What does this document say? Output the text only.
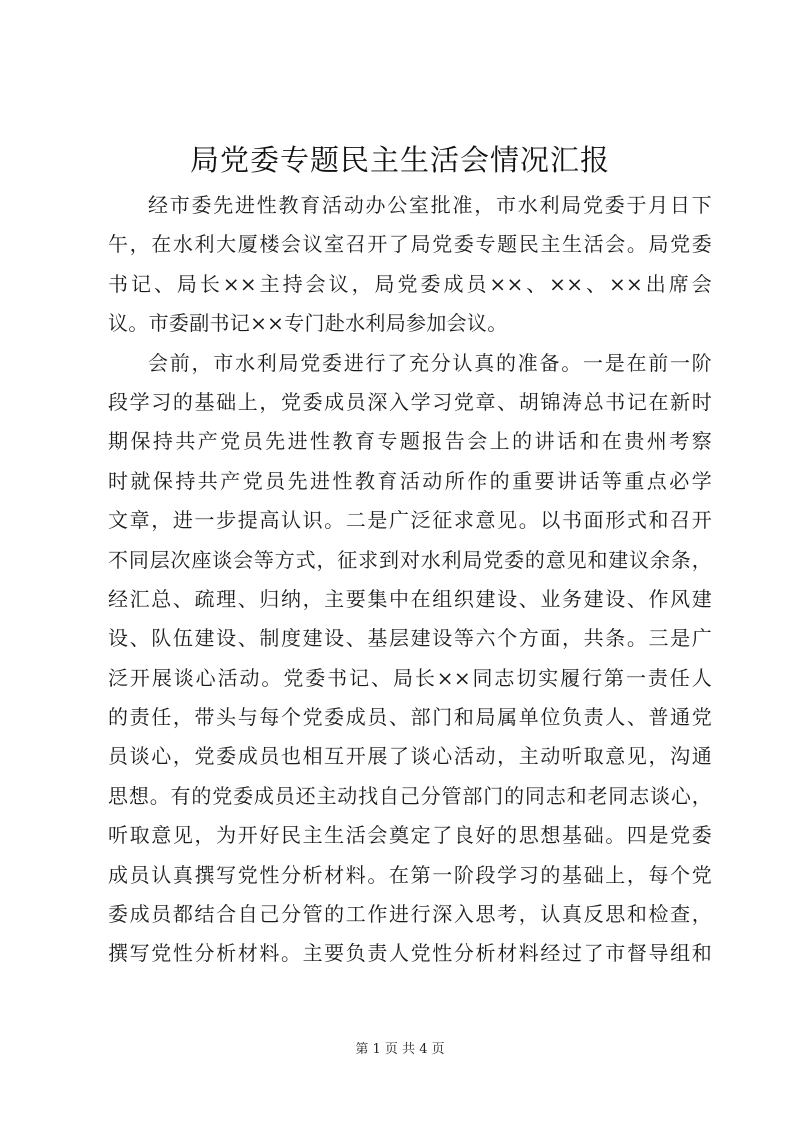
局党委专题民主生活会情况汇报
经市委先进性教育活动办公室批准，市水利局党委于月日下
午，在水利大厦楼会议室召开了局党委专题民主生活会。局党委
书记、局长××主持会议，局党委成员××、××、××出席会
议。市委副书记××专门赴水利局参加会议。
会前，市水利局党委进行了充分认真的准备。一是在前一阶
段学习的基础上，党委成员深入学习党章、胡锦涛总书记在新时
期保持共产党员先进性教育专题报告会上的讲话和在贵州考察
时就保持共产党员先进性教育活动所作的重要讲话等重点必学
文章，进一步提高认识。二是广泛征求意见。以书面形式和召开
不同层次座谈会等方式，征求到对水利局党委的意见和建议余条，
经汇总、疏理、归纳，主要集中在组织建设、业务建设、作风建
设、队伍建设、制度建设、基层建设等六个方面，共条。三是广
泛开展谈心活动。党委书记、局长××同志切实履行第一责任人
的责任，带头与每个党委成员、部门和局属单位负责人、普通党
员谈心，党委成员也相互开展了谈心活动，主动听取意见，沟通
思想。有的党委成员还主动找自己分管部门的同志和老同志谈心，
听取意见，为开好民主生活会奠定了良好的思想基础。四是党委
成员认真撰写党性分析材料。在第一阶段学习的基础上，每个党
委成员都结合自己分管的工作进行深入思考，认真反思和检查，
撰写党性分析材料。主要负责人党性分析材料经过了市督导组和
第 1 页 共 4 页
